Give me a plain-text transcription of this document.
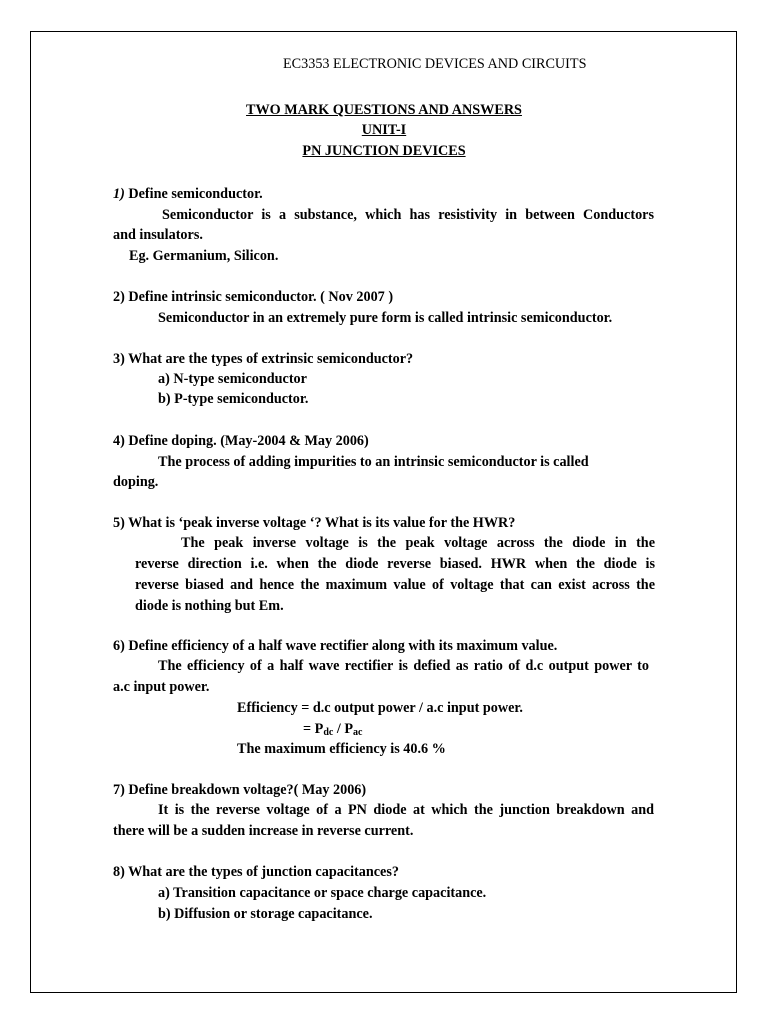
EC3353 ELECTRONIC DEVICES AND CIRCUITS

TWO MARK QUESTIONS AND ANSWERS

UNIT-I

PN JUNCTION DEVICES

1) Define semiconductor.

Semiconductor is a substance, which has resistivity in between Conductors

and insulators.

Eg. Germanium, Silicon.

2) Define intrinsic semiconductor. ( Nov 2007 )

Semiconductor in an extremely pure form is called intrinsic semiconductor.

3) What are the types of extrinsic semiconductor?

a) N-type semiconductor

b) P-type semiconductor.

4) Define doping. (May-2004 & May 2006)

The process of adding impurities to an intrinsic semiconductor is called

doping.

5) What is ‘peak inverse voltage ‘? What is its value for the HWR?

The peak inverse voltage is the peak voltage across the diode in the

reverse direction i.e. when the diode reverse biased. HWR when the diode is

reverse biased and hence the maximum value of voltage that can exist across the

diode is nothing but Em.

6) Define efficiency of a half wave rectifier along with its maximum value.

The efficiency of a half wave rectifier is defied as ratio of d.c output power to

a.c input power.

Efficiency = d.c output power / a.c input power.

= $P_{dc} / P_{ac}$

The maximum efficiency is 40.6 %

7) Define breakdown voltage?( May 2006)

It is the reverse voltage of a PN diode at which the junction breakdown and

there will be a sudden increase in reverse current.

8) What are the types of junction capacitances?

a) Transition capacitance or space charge capacitance.

b) Diffusion or storage capacitance.
